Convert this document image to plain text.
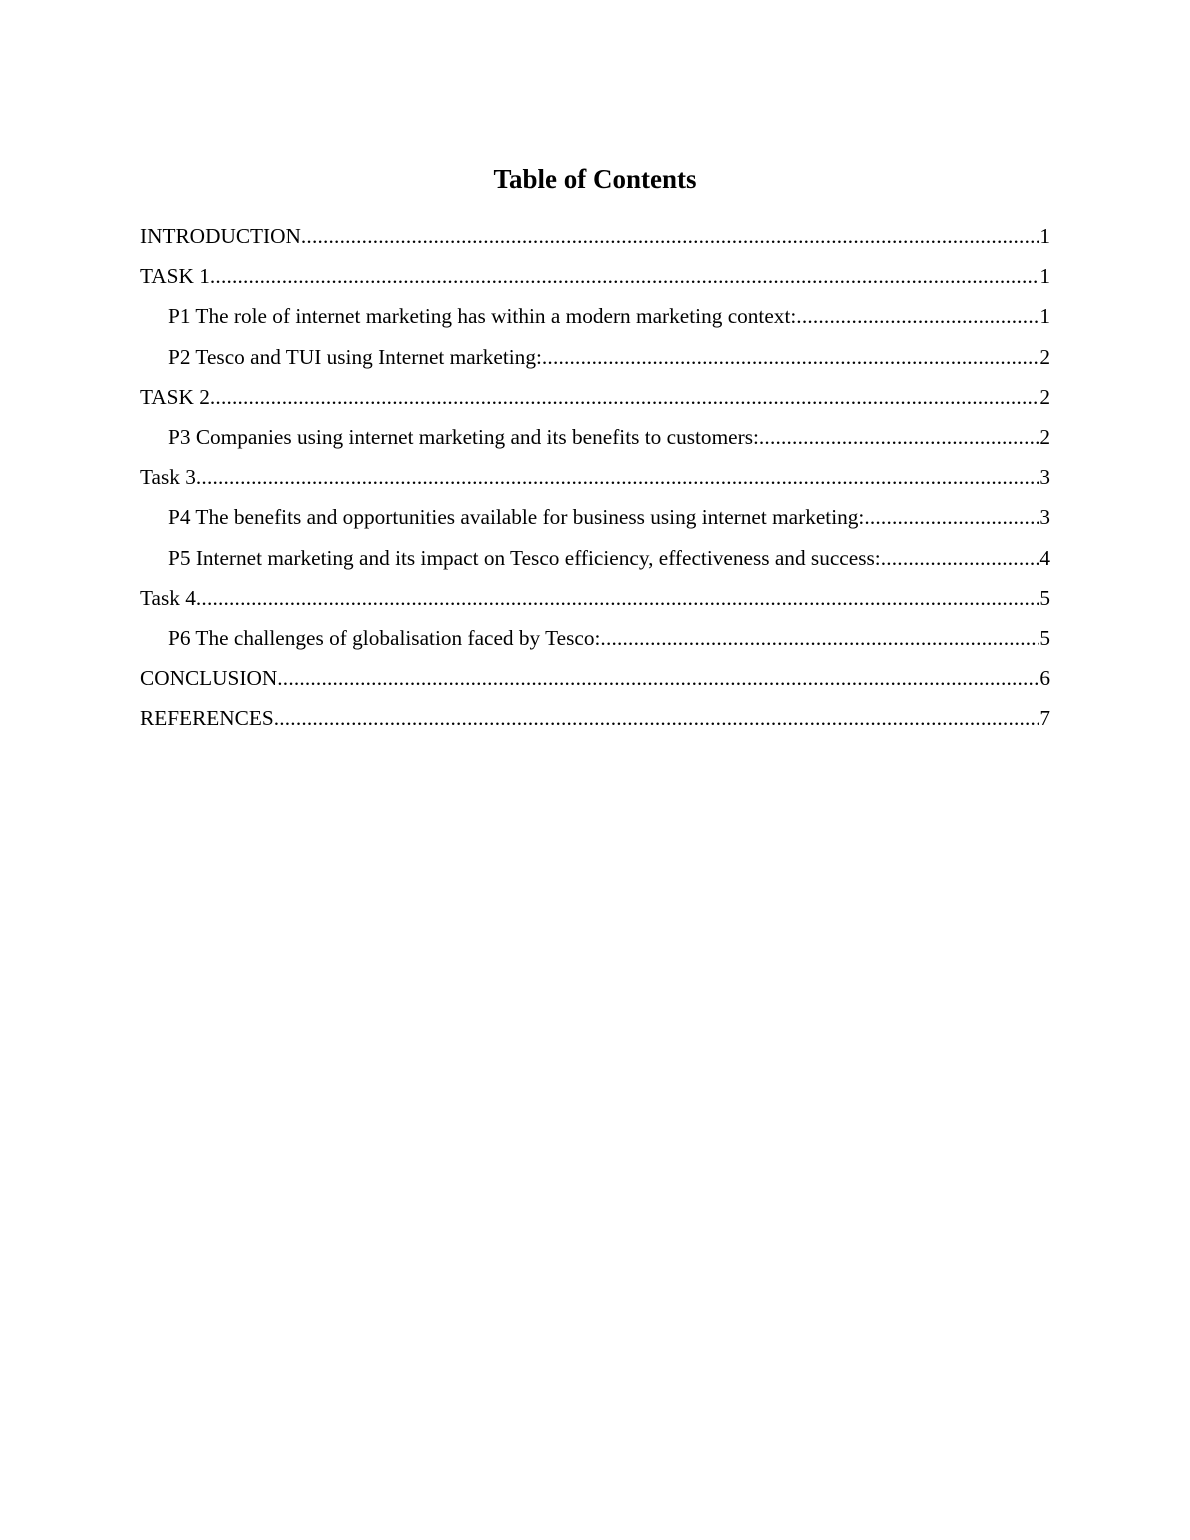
Table of Contents
INTRODUCTION .....	1
TASK 1 .....	1
P1 The role of internet marketing has within a modern marketing context: .....	1
P2 Tesco and TUI using Internet marketing: .....	2
TASK 2 .....	2
P3 Companies using internet marketing and its benefits to customers: .....	2
Task 3 .....	3
P4 The benefits and opportunities available for business using internet marketing: .....	3
P5 Internet marketing and its impact on Tesco efficiency, effectiveness and success: .....	4
Task 4 .....	5
P6 The challenges of globalisation faced by Tesco: .....	5
CONCLUSION .....	6
REFERENCES .....	7
